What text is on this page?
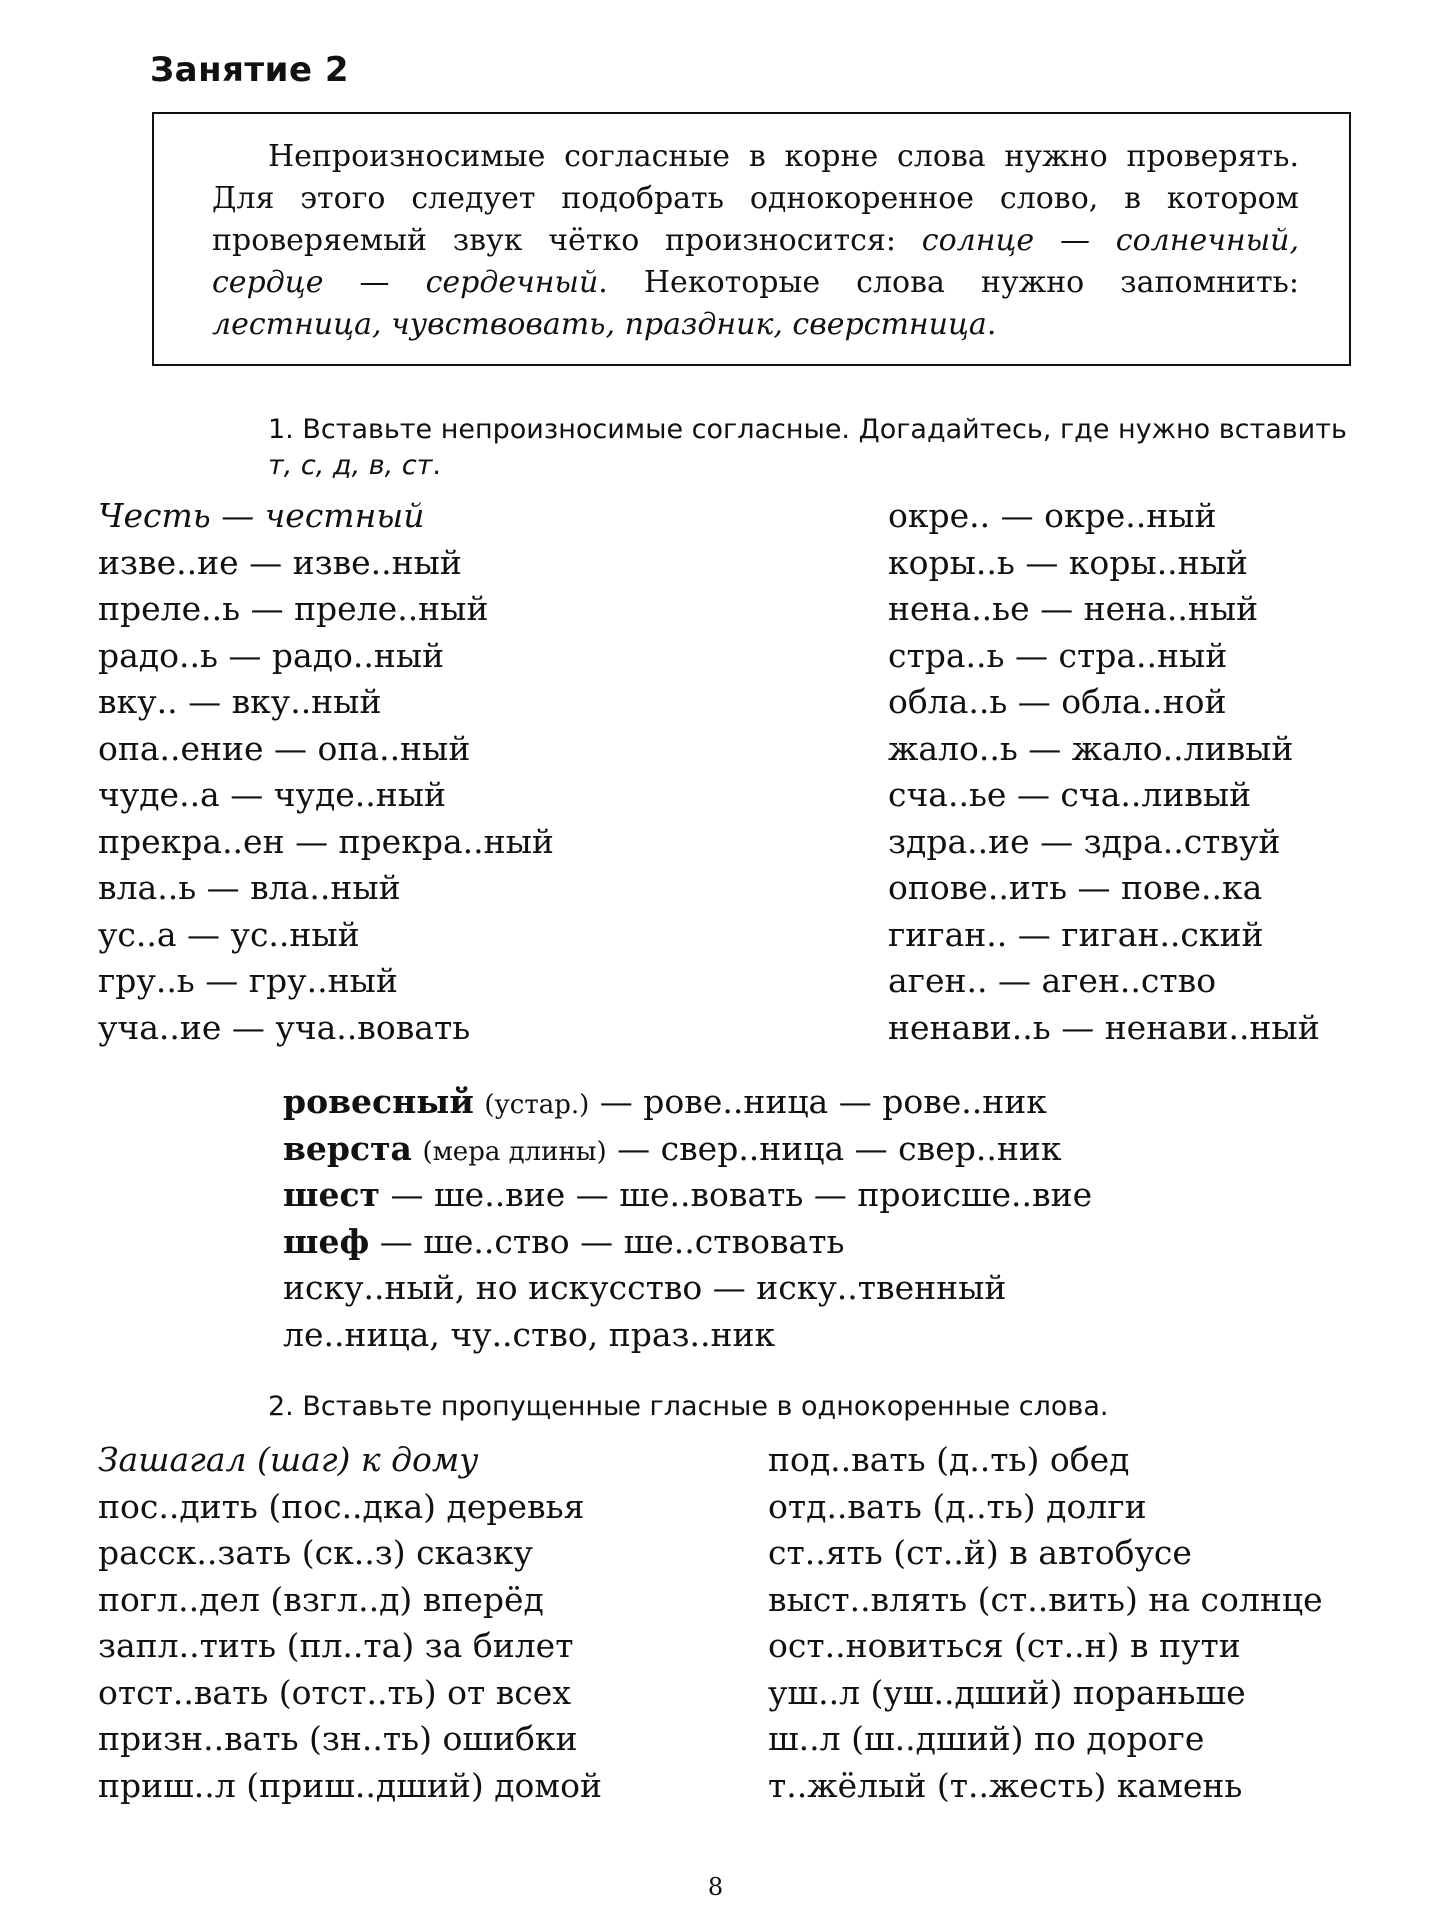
Занятие 2

Непроизносимые согласные в корне слова нужно проверять. Для этого следует подобрать однокоренное слово, в котором проверяемый звук чётко произносится: солнце — солнечный, сердце — сердечный. Некоторые слова нужно запомнить: лестница, чувствовать, праздник, сверстница.

1. Вставьте непроизносимые согласные. Догадайтесь, где нужно вставить т, с, д, в, ст.
Честь — честный
изве..ие — изве..ный
преле..ь — преле..ный
радо..ь — радо..ный
вку.. — вку..ный
опа..ение — опа..ный
чуде..а — чуде..ный
прекра..ен — прекра..ный
вла..ь — вла..ный
ус..а — ус..ный
гру..ь — гру..ный
уча..ие — уча..вовать
окре.. — окре..ный
коры..ь — коры..ный
нена..ье — нена..ный
стра..ь — стра..ный
обла..ь — обла..ной
жало..ь — жало..ливый
сча..ье — сча..ливый
здра..ие — здра..ствуй
опове..ить — пове..ка
гиган.. — гиган..ский
аген.. — аген..ство
ненави..ь — ненави..ный
ровесный (устар.) — рове..ница — рове..ник
верста (мера длины) — свер..ница — свер..ник
шест — ше..вие — ше..вовать — происше..вие
шеф — ше..ство — ше..ствовать
иску..ный, но искусство — иску..твенный
ле..ница, чу..ство, праз..ник
2. Вставьте пропущенные гласные в однокоренные слова.
Зашагал (шаг) к дому
пос..дить (пос..дка) деревья
расск..зать (ск..з) сказку
погл..дел (взгл..д) вперёд
запл..тить (пл..та) за билет
отст..вать (отст..ть) от всех
призн..вать (зн..ть) ошибки
приш..л (приш..дший) домой
под..вать (д..ть) обед
отд..вать (д..ть) долги
ст..ять (ст..й) в автобусе
выст..влять (ст..вить) на солнце
ост..новиться (ст..н) в пути
уш..л (уш..дший) пораньше
ш..л (ш..дший) по дороге
т..жёлый (т..жесть) камень
8
